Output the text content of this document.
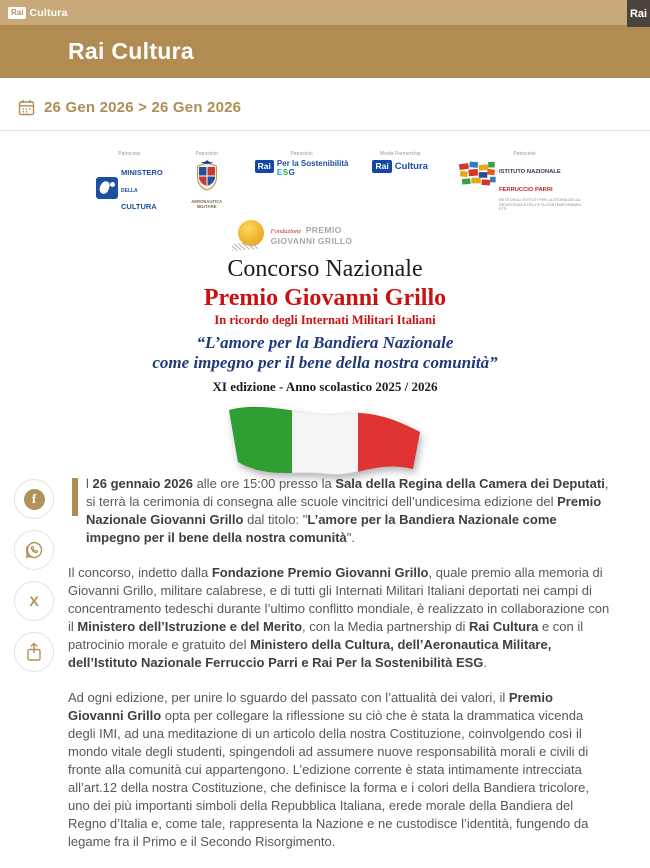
Rai Cultura	Rai
Rai Cultura
26 Gen 2026 > 26 Gen 2026
Patrocinio
MINISTERO
DELLA
CULTURA
Patrocinio
AERONAUTICA MILITARE
Patrocinio
Rai Per la Sostenibilità
ESG
Media Partnership
Rai Cultura
Patrocinio
ISTITUTO NAZIONALE
FERRUCCIO PARRI
RETE DEGLI ISTITUTI PER LA STORIA DELLA RESISTENZA E DELL'ETÀ CONTEMPORANEA - ETS
Fondazione PREMIO
GIOVANNI GRILLO
Concorso Nazionale
Premio Giovanni Grillo
In ricordo degli Internati Militari Italiani
“L’amore per la Bandiera Nazionale
come impegno per il bene della nostra comunità”
XI edizione - Anno scolastico 2025 / 2026
f
X

l 26 gennaio 2026 alle ore 15:00 presso la Sala della Regina della Camera dei Deputati, si terrà la cerimonia di consegna alle scuole vincitrici dell’undicesima edizione del Premio Nazionale Giovanni Grillo dal titolo: "L’amore per la Bandiera Nazionale come impegno per il bene della nostra comunità".

Il concorso, indetto dalla Fondazione Premio Giovanni Grillo, quale premio alla memoria di Giovanni Grillo, militare calabrese, e di tutti gli Internati Militari Italiani deportati nei campi di concentramento tedeschi durante l’ultimo conflitto mondiale, è realizzato in collaborazione con il Ministero dell’Istruzione e del Merito, con la Media partnership di Rai Cultura e con il patrocinio morale e gratuito del Ministero della Cultura, dell’Aeronautica Militare, dell’Istituto Nazionale Ferruccio Parri e Rai Per la Sostenibilità ESG.

Ad ogni edizione, per unire lo sguardo del passato con l’attualità dei valori, il Premio Giovanni Grillo opta per collegare la riflessione su ciò che è stata la drammatica vicenda degli IMI, ad una meditazione di un articolo della nostra Costituzione, coinvolgendo così il mondo vitale degli studenti, spingendoli ad assumere nuove responsabilità morali e civili di fronte alla comunità cui appartengono. L’edizione corrente è stata intimamente intrecciata all’art.12 della nostra Costituzione, che definisce la forma e i colori della Bandiera tricolore, uno dei più importanti simboli della Repubblica Italiana, erede morale della Bandiera del Regno d’Italia e, come tale, rappresenta la Nazione e ne custodisce l’identità, fungendo da legame fra il Primo e il Secondo Risorgimento.
